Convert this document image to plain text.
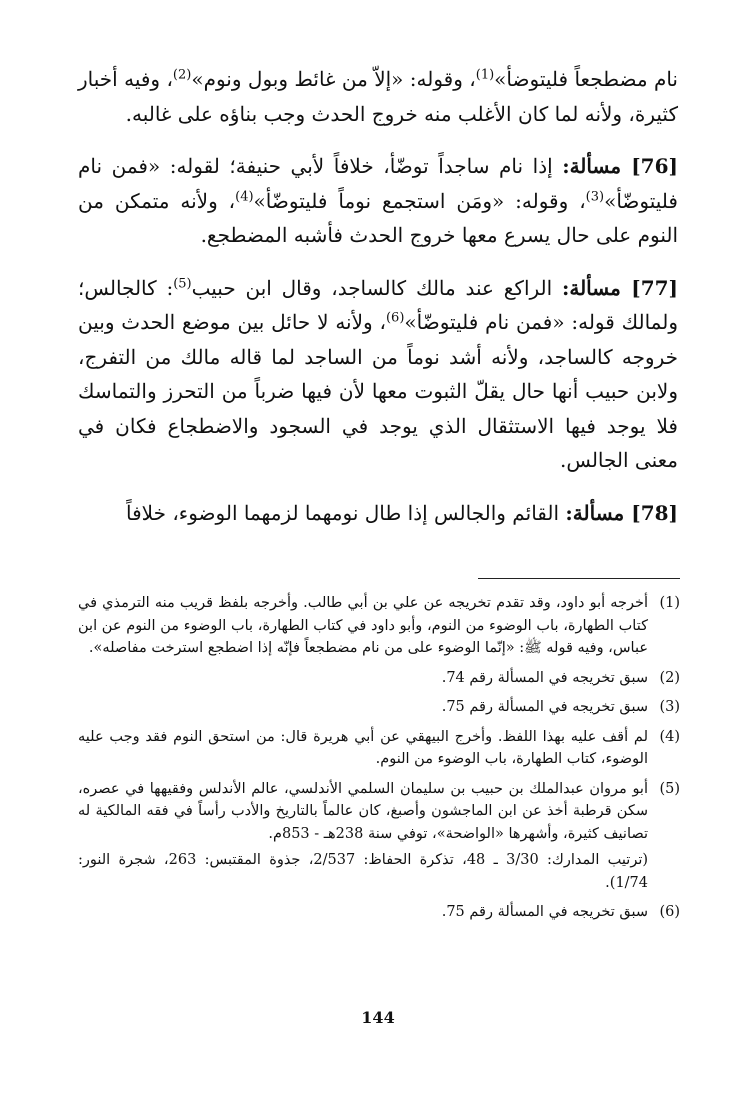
نام مضطجعاً فليتوضأ»$^{(1)}$، وقوله: «إلاّ من غائط وبول ونوم»$^{(2)}$، وفيه أخبار كثيرة، ولأنه لما كان الأغلب منه خروج الحدث وجب بناؤه على غالبه.

[76] مسألة: إذا نام ساجداً توضّأ، خلافاً لأبي حنيفة؛ لقوله: «فمن نام فليتوضّأ»$^{(3)}$، وقوله: «ومَن استجمع نوماً فليتوضّأ»$^{(4)}$، ولأنه متمكن من النوم على حال يسرع معها خروج الحدث فأشبه المضطجع.

[77] مسألة: الراكع عند مالك كالساجد، وقال ابن حبيب$^{(5)}$: كالجالس؛ ولمالك قوله: «فمن نام فليتوضّأ»$^{(6)}$، ولأنه لا حائل بين موضع الحدث وبين خروجه كالساجد، ولأنه أشد نوماً من الساجد لما قاله مالك من التفرج، ولابن حبيب أنها حال يقلّ الثبوت معها لأن فيها ضرباً من التحرز والتماسك فلا يوجد فيها الاستثقال الذي يوجد في السجود والاضطجاع فكان في معنى الجالس.

[78] مسألة: القائم والجالس إذا طال نومهما لزمهما الوضوء، خلافاً

(1)

أخرجه أبو داود، وقد تقدم تخريجه عن علي بن أبي طالب. وأخرجه بلفظ قريب منه الترمذي في كتاب الطهارة، باب الوضوء من النوم، وأبو داود في كتاب الطهارة، باب الوضوء من النوم عن ابن عباس، وفيه قوله ﷺ: «إنّما الوضوء على من نام مضطجعاً فإنّه إذا اضطجع استرخت مفاصله».

(2)

سبق تخريجه في المسألة رقم 74.

(3)

سبق تخريجه في المسألة رقم 75.

(4)

لم أقف عليه بهذا اللفظ. وأخرج البيهقي عن أبي هريرة قال: من استحق النوم فقد وجب عليه الوضوء، كتاب الطهارة، باب الوضوء من النوم.

(5)

أبو مروان عبدالملك بن حبيب بن سليمان السلمي الأندلسي، عالم الأندلس وفقيهها في عصره، سكن قرطبة أخذ عن ابن الماجشون وأصبغ، كان عالماً بالتاريخ والأدب رأساً في فقه المالكية له تصانيف كثيرة، وأشهرها «الواضحة»، توفي سنة 238هـ - 853م.

(ترتيب المدارك: 3/30 ـ 48، تذكرة الحفاظ: 2/537، جذوة المقتبس: 263، شجرة النور: 1/74).

(6)

سبق تخريجه في المسألة رقم 75.

144
